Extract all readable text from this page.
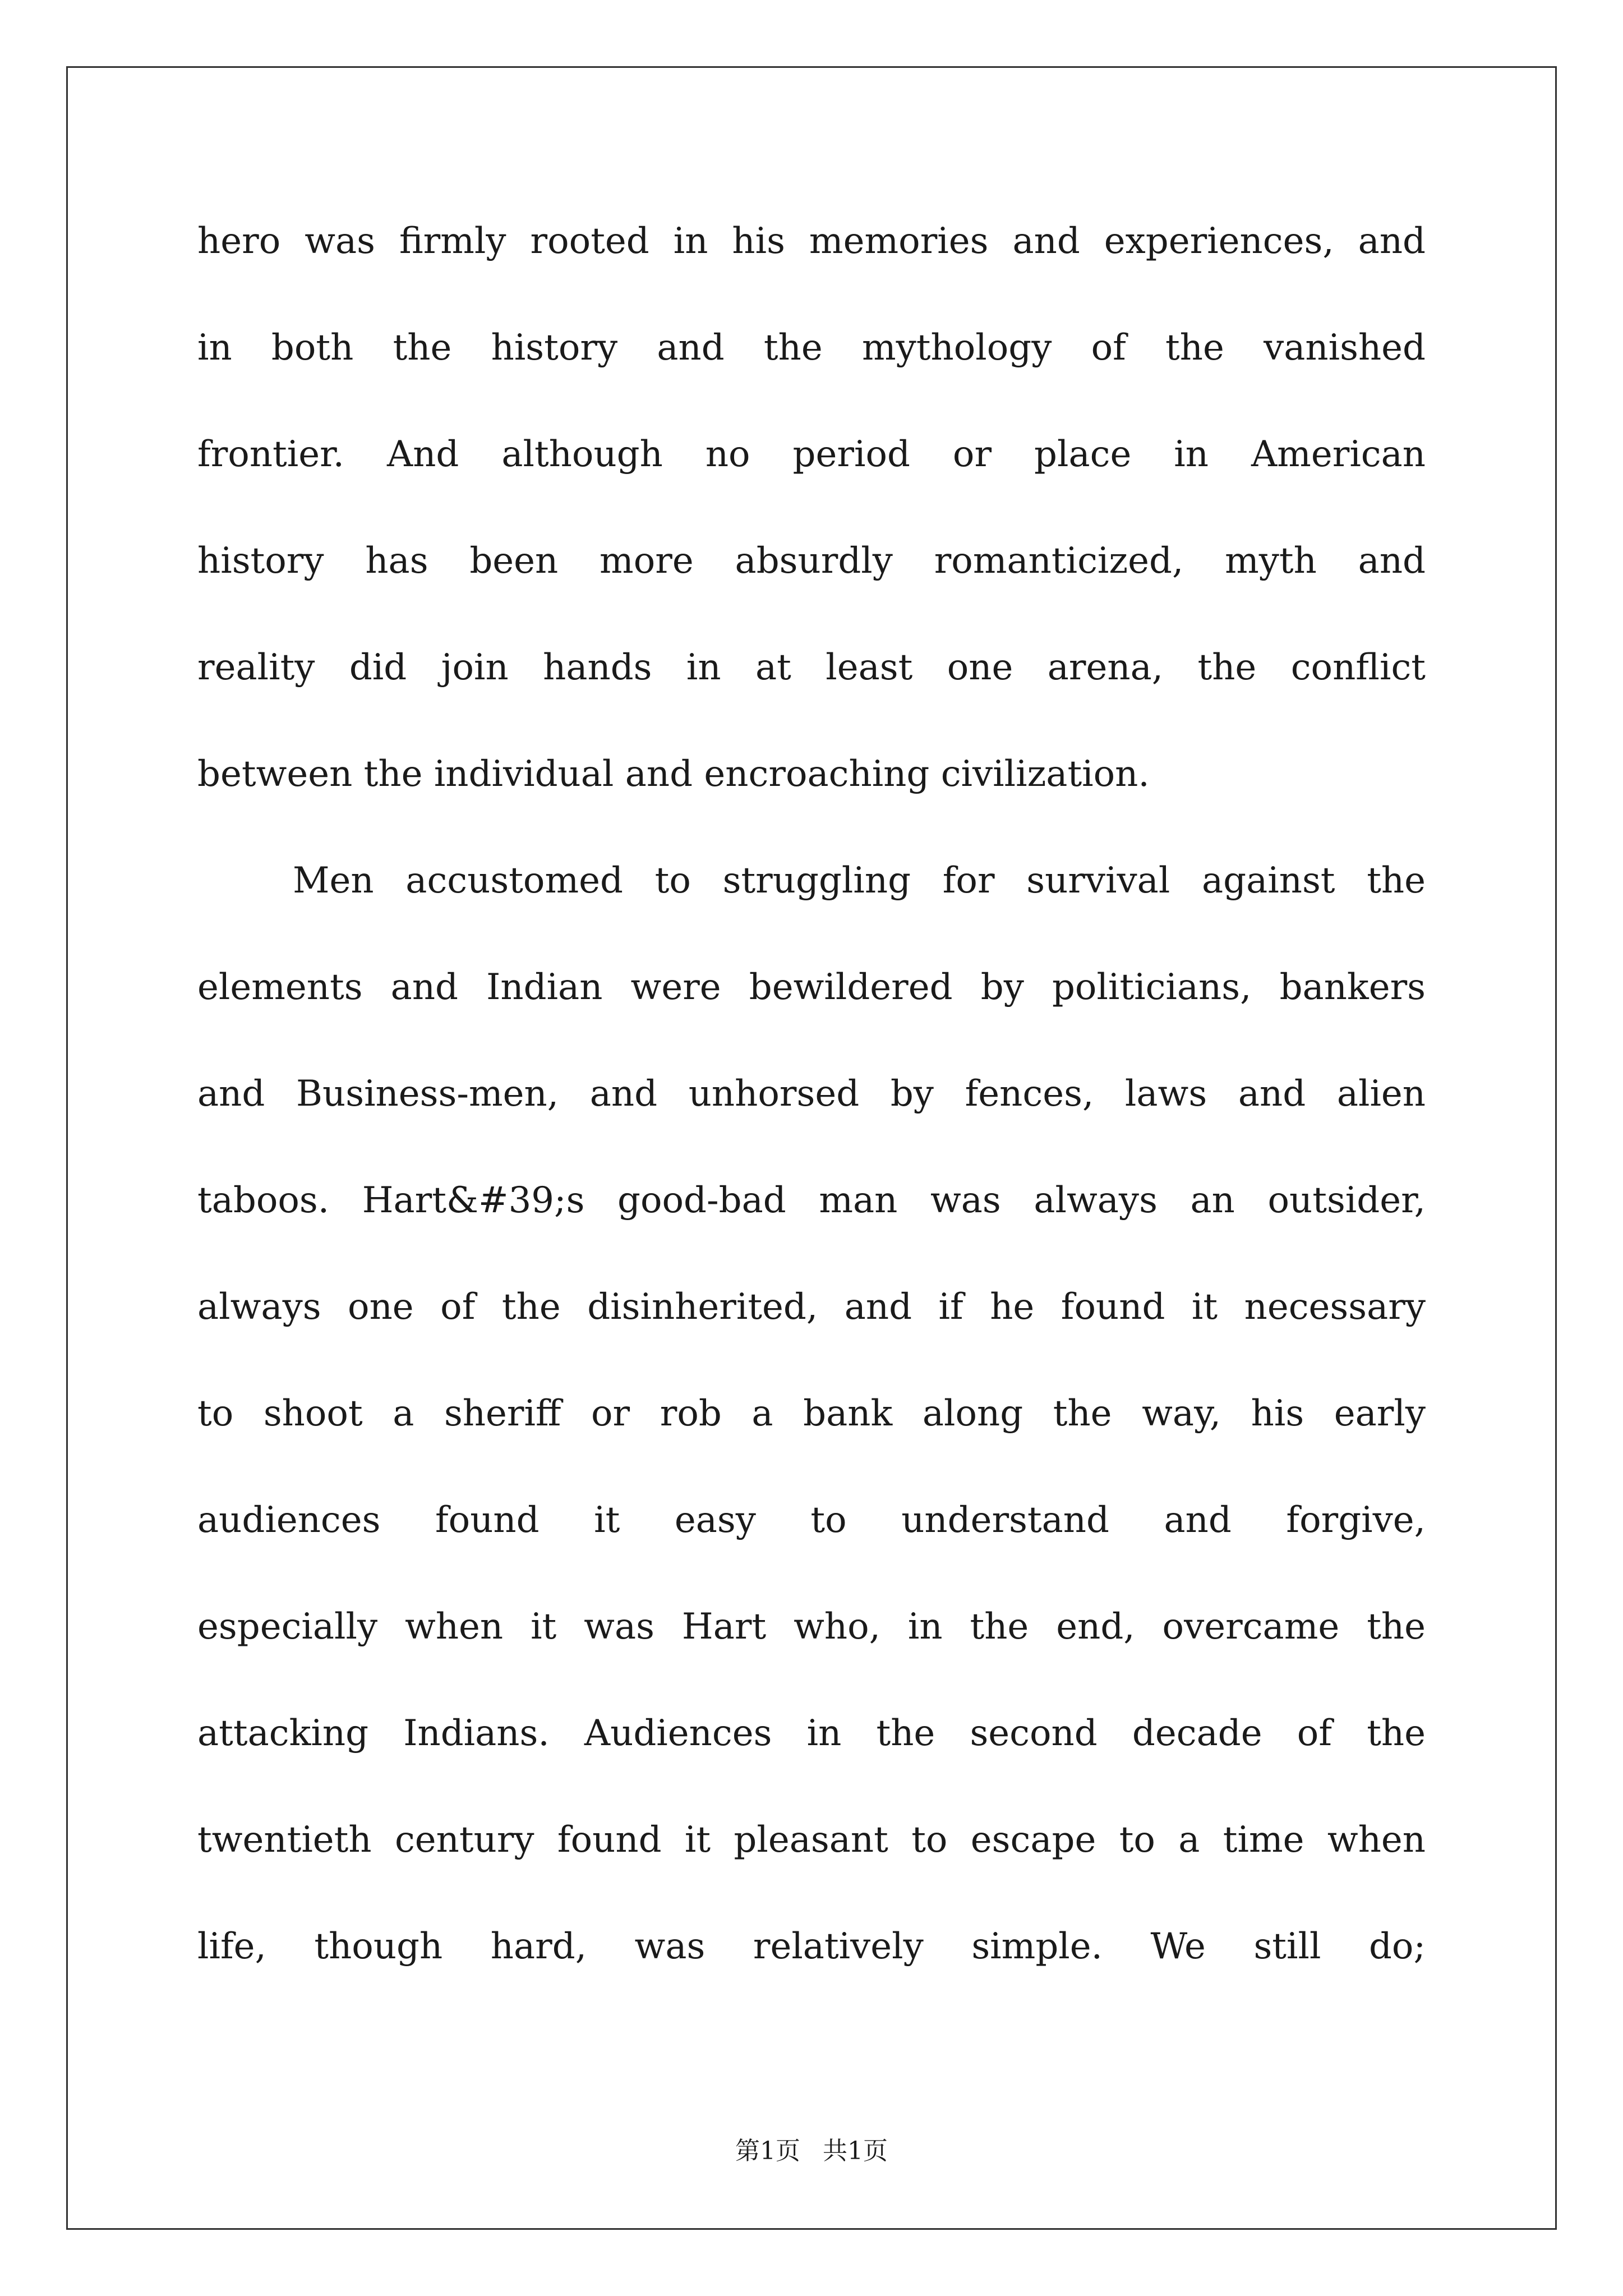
hero was firmly rooted in his memories and experiences, and
in both the history and the mythology of the vanished
frontier. And although no period or place in American
history has been more absurdly romanticized, myth and
reality did join hands in at least one arena, the conflict
between the individual and encroaching civilization.
Men accustomed to struggling for survival against the
elements and Indian were bewildered by politicians, bankers
and Business-men, and unhorsed by fences, laws and alien
taboos. Hart&#39;s good-bad man was always an outsider,
always one of the disinherited, and if he found it necessary
to shoot a sheriff or rob a bank along the way, his early
audiences found it easy to understand and forgive,
especially when it was Hart who, in the end, overcame the
attacking Indians. Audiences in the second decade of the
twentieth century found it pleasant to escape to a time when
life, though hard, was relatively simple. We still do;
第1页 共1页
